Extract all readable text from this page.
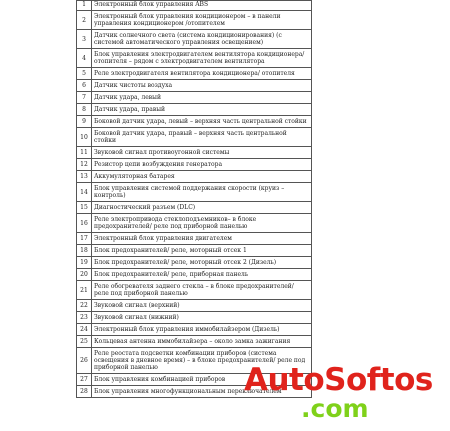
1	Электронный блок управления ABS
2	Электронный блок управления кондиционером – в панели управления кондиционером /отопителем
3	Датчик солнечного света (система кондиционирования) (с системой автоматического управления освещением)
4	Блок управления электродвигателем вентилятора кондиционера/ отопителя – рядом с электродвигателем вентилятора
5	Реле электродвигателя вентилятора кондиционера/ отопителя
6	Датчик чистоты воздуха
7	Датчик удара, левый
8	Датчик удара, правый
9	Боковой датчик удара, левый – верхняя часть центральной стойки
10	Боковой датчик удара, правый – верхняя часть центральной стойки
11	Звуковой сигнал противоугонной системы
12	Резистор цепи возбуждения генератора
13	Аккумуляторная батарея
14	Блок управления системой поддержания скорости (круиз – контроль)
15	Диагностический разъем (DLC)
16	Реле электропривода стеклоподъемников– в блоке предохранителей/ реле под приборной панелью
17	Электронный блок управления двигателем
18	Блок предохранителей/ реле, моторный отсек 1
19	Блок предохранителей/ реле, моторный отсек 2 (Дизель)
20	Блок предохранителей/ реле, приборная панель
21	Реле обогревателя заднего стекла – в блоке предохранителей/ реле под приборной панелью
22	Звуковой сигнал (верхний)
23	Звуковой сигнал (нижний)
24	Электронный блок управления иммобилайзером (Дизель)
25	Кольцевая антенна иммобилайзера – около замка зажигания
26	Реле реостата подсветки комбинации приборов (система освещения в дневное время) – в блоке предохранителей/ реле под приборной панелью
27	Блок управления комбинацией приборов
28	Блок управления многофункциональным переключателем
AutoSoftos
.com
